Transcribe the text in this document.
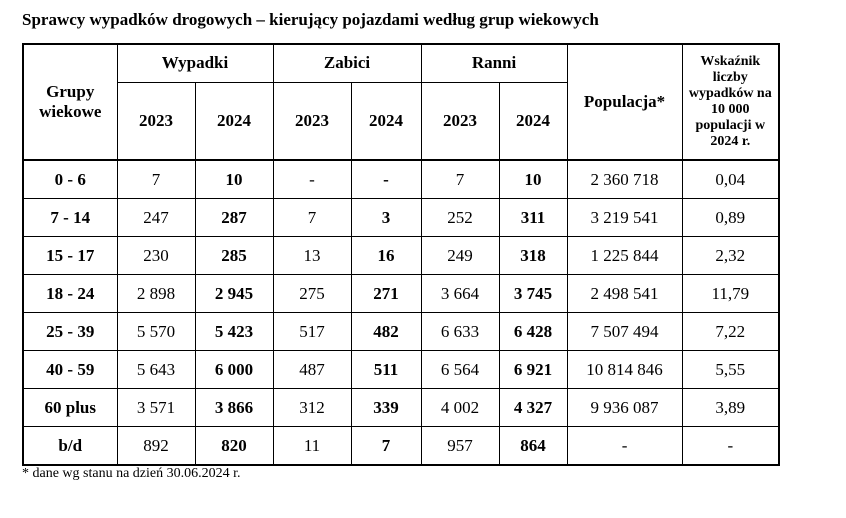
Sprawcy wypadków drogowych – kierujący pojazdami według grup wiekowych
Grupy wiekowe	Wypadki		Zabici		Ranni		Populacja*	Wskaźnik liczby wypadków na 10 000 populacji w 2024 r.
	2023	2024	2023	2024	2023	2024		
0 - 6	7	10	-	-	7	10	2 360 718	0,04
7 - 14	247	287	7	3	252	311	3 219 541	0,89
15 - 17	230	285	13	16	249	318	1 225 844	2,32
18 - 24	2 898	2 945	275	271	3 664	3 745	2 498 541	11,79
25 - 39	5 570	5 423	517	482	6 633	6 428	7 507 494	7,22
40 - 59	5 643	6 000	487	511	6 564	6 921	10 814 846	5,55
60 plus	3 571	3 866	312	339	4 002	4 327	9 936 087	3,89
b/d	892	820	11	7	957	864	-	-
* dane wg stanu na dzień 30.06.2024 r.
